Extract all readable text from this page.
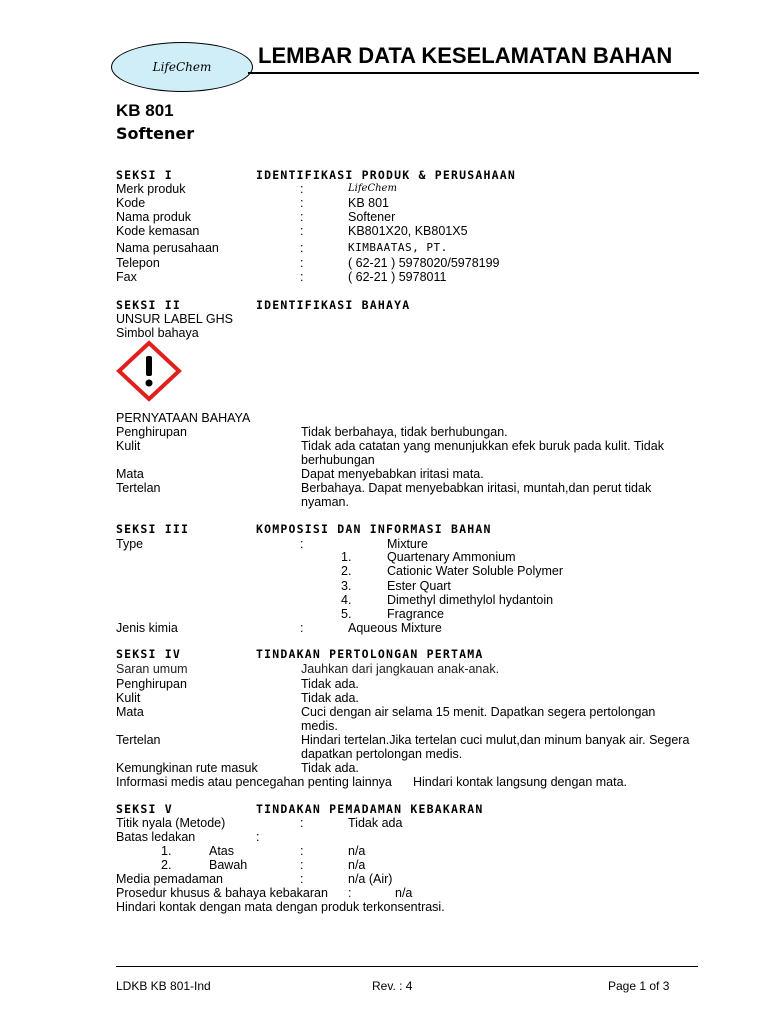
LifeChem LEMBAR DATA KESELAMATAN BAHAN
KB 801
Softener
SEKSI I	IDENTIFIKASI PRODUK & PERUSAHAAN
Merk produk	:	LifeChem
Kode	:	KB 801
Nama produk	:	Softener
Kode kemasan	:	KB801X20, KB801X5
Nama perusahaan	:	KIMBAATAS, PT.
Telepon	:	( 62-21 ) 5978020/5978199
Fax	:	( 62-21 ) 5978011
SEKSI II	IDENTIFIKASI BAHAYA
UNSUR LABEL GHS
Simbol bahaya
PERNYATAAN BAHAYA
Penghirupan	Tidak berbahaya, tidak berhubungan.
Kulit	Tidak ada catatan yang menunjukkan efek buruk pada kulit. Tidak berhubungan
Mata	Dapat menyebabkan iritasi mata.
Tertelan	Berbahaya. Dapat menyebabkan iritasi, muntah,dan perut tidak nyaman.
SEKSI III	KOMPOSISI DAN INFORMASI BAHAN
Type	:	Mixture
1.	Quartenary Ammonium
2.	Cationic Water Soluble Polymer
3.	Ester Quart
4.	Dimethyl dimethylol hydantoin
5.	Fragrance
Jenis kimia	:	Aqueous Mixture
SEKSI IV	TINDAKAN PERTOLONGAN PERTAMA
Saran umum	Jauhkan dari jangkauan anak-anak.
Penghirupan	Tidak ada.
Kulit	Tidak ada.
Mata	Cuci dengan air selama 15 menit. Dapatkan segera pertolongan medis.
Tertelan	Hindari tertelan.Jika tertelan cuci mulut,dan minum banyak air. Segera dapatkan pertolongan medis.
Kemungkinan rute masuk	Tidak ada.
Informasi medis atau pencegahan penting lainnya Hindari kontak langsung dengan mata.
SEKSI V	TINDAKAN PEMADAMAN KEBAKARAN
Titik nyala (Metode)	:	Tidak ada
Batas ledakan	:
1.	Atas	:	n/a
2.	Bawah	:	n/a
Media pemadaman	:	n/a (Air)
Prosedur khusus & bahaya kebakaran :	n/a
Hindari kontak dengan mata dengan produk terkonsentrasi.
LDKB KB 801-Ind	Rev. : 4	Page 1 of 3
